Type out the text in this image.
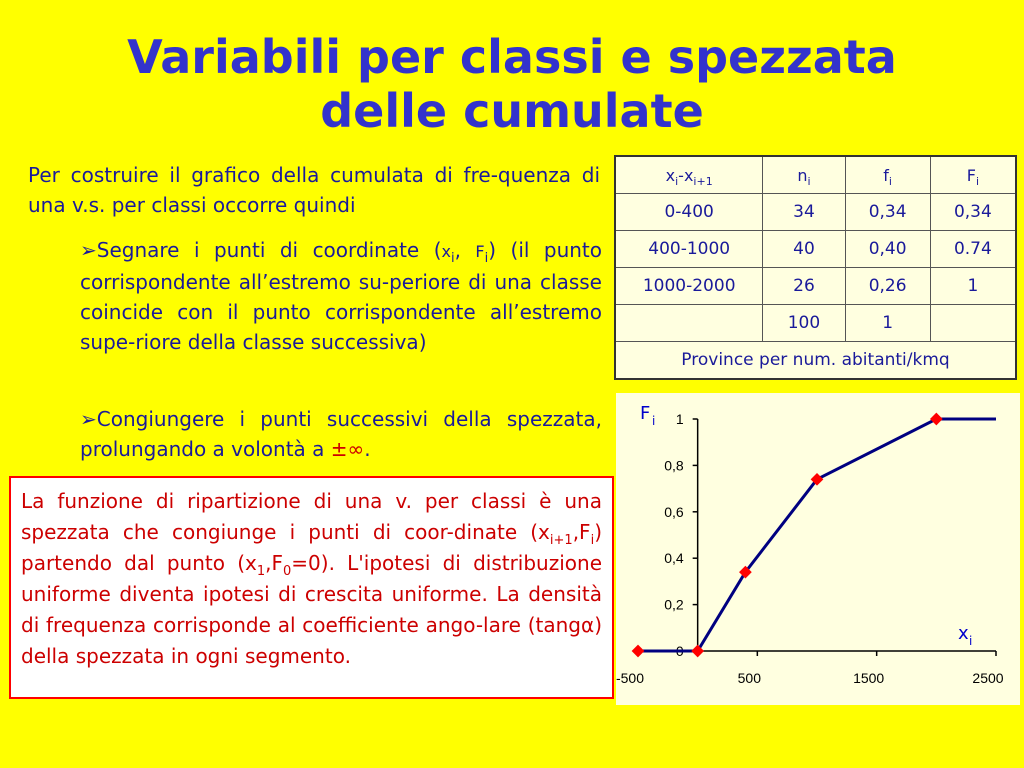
Variabili per classi e spezzata
delle cumulate

Per costruire il grafico della cumulata di fre-quenza di una v.s. per classi occorre quindi

➢Segnare i punti di coordinate ($x_i$, $F_i$) (il punto corrispondente all’estremo su-periore di una classe coincide con il punto corrispondente all’estremo supe-riore della classe successiva)

➢Congiungere i punti successivi della spezzata, prolungando a volontà a ±∞.

La funzione di ripartizione di una v. per classi è una spezzata che congiunge i punti di coor-dinate $(x_{i+1},F_i)$ partendo dal punto $(x_1,F_0=0)$. L'ipotesi di distribuzione uniforme diventa ipotesi di crescita uniforme. La densità di frequenza corrisponde al coefficiente ango-lare (tangα) della spezzata in ogni segmento.
$x_i-x_{i+1}$	$n_i$	$f_i$	$F_i$
0-400	34	0,34	0,34
400-1000	40	0,40	0.74
1000-2000	26	0,26	1
	100	1	
Province per num. abitanti/kmq			
0
0,2
0,4
0,6
0,8
1
-500	500	1500	2500
F i
x i
